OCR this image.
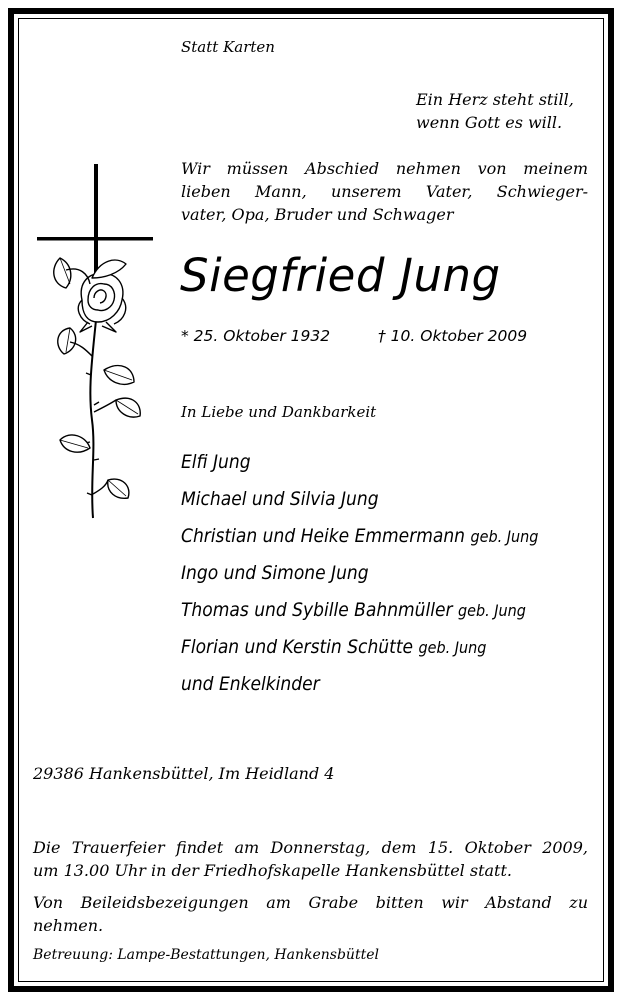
Statt Karten

Ein Herz steht still,
wenn Gott es will.

Wir müssen Abschied nehmen von meinem
lieben Mann, unserem Vater, Schwieger-
vater, Opa, Bruder und Schwager

Siegfried Jung

* 25. Oktober 1932	† 10. Oktober 2009

In Liebe und Dankbarkeit

Elfi Jung

Michael und Silvia Jung

Christian und Heike Emmermann geb. Jung

Ingo und Simone Jung

Thomas und Sybille Bahnmüller geb. Jung

Florian und Kerstin Schütte geb. Jung

und Enkelkinder

29386 Hankensbüttel, Im Heidland 4

Die Trauerfeier findet am Donnerstag, dem 15. Oktober 2009,
um 13.00 Uhr in der Friedhofskapelle Hankensbüttel statt.
Von Beileidsbezeigungen am Grabe bitten wir Abstand zu
nehmen.

Betreuung: Lampe-Bestattungen, Hankensbüttel
